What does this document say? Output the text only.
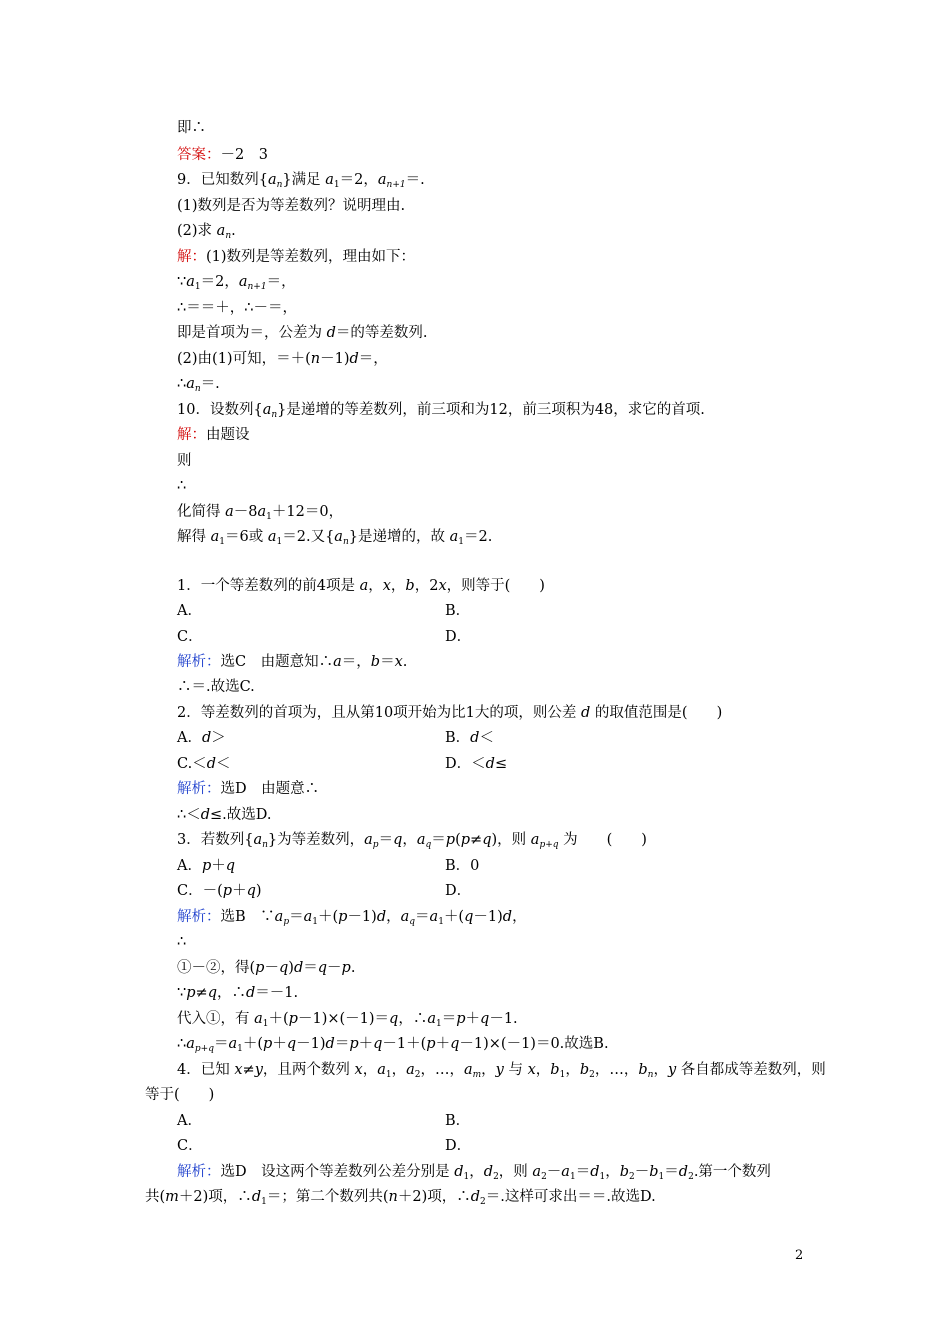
即∴
答案：－2　3
9．已知数列$\{a_n\}$满足 $a_1=2$，$a_{n+1}=$.
(1)数列是否为等差数列？说明理由.
(2)求 $a_n$.
解：(1)数列是等差数列，理由如下：
$\because a_1=2$，$a_{n+1}=$，
∴＝＝＋，∴－＝，
即是首项为＝，公差为 d＝的等差数列.
(2)由(1)可知，＝＋(n－1)d＝，
$\therefore a_n=$.
10．设数列$\{a_n\}$是递增的等差数列，前三项和为12，前三项积为48，求它的首项.
解：由题设
则
∴
化简得 $a-8a_1+12=0$，
解得 $a_1=6$或 $a_1=2$.又$\{a_n\}$是递增的，故 $a_1=2$.
1．一个等差数列的前4项是 a，x，b，2x，则等于(　　)
A．	B．
C．	D．
解析：选C　由题意知∴a＝，b＝x.
∴＝.故选C.
2．等差数列的首项为，且从第10项开始为比1大的项，则公差 d 的取值范围是(　　)
A．d＞	B．d＜
C.＜d＜	D．＜d≤
解析：选D　由题意∴
∴＜d≤.故选D.
3．若数列$\{a_n\}$为等差数列，$a_p=q$，$a_q=p(p\ne q)$，则 $a_{p+q}$ 为　　(　　)
A．p＋q	B．0
C．－(p＋q)	D．
解析：选B　$\because a_p=a_1+(p-1)d$，$a_q=a_1+(q-1)d$，
∴
①－②，得(p－q)d＝q－p.
∵p≠q，∴d＝－1.
代入①，有 $a_1+(p-1)\times(-1)=q$，$\therefore a_1=p+q-1$.
$\therefore a_{p+q}=a_1+(p+q-1)d=p+q-1+(p+q-1)\times(-1)=0$.故选B.
4．已知 x≠y，且两个数列 x，$a_1$，$a_2$，…，$a_m$，y 与 x，$b_1$，$b_2$，…，$b_n$，y 各自都成等差数列，则
等于(　　)
A．	B．
C．	D．
解析：选D　设这两个等差数列公差分别是 $d_1$，$d_2$，则 $a_2-a_1=d_1$，$b_2-b_1=d_2$.第一个数列
共(m＋2)项，$\therefore d_1=$；第二个数列共(n＋2)项，$\therefore d_2=$.这样可求出＝＝.故选D.
2
